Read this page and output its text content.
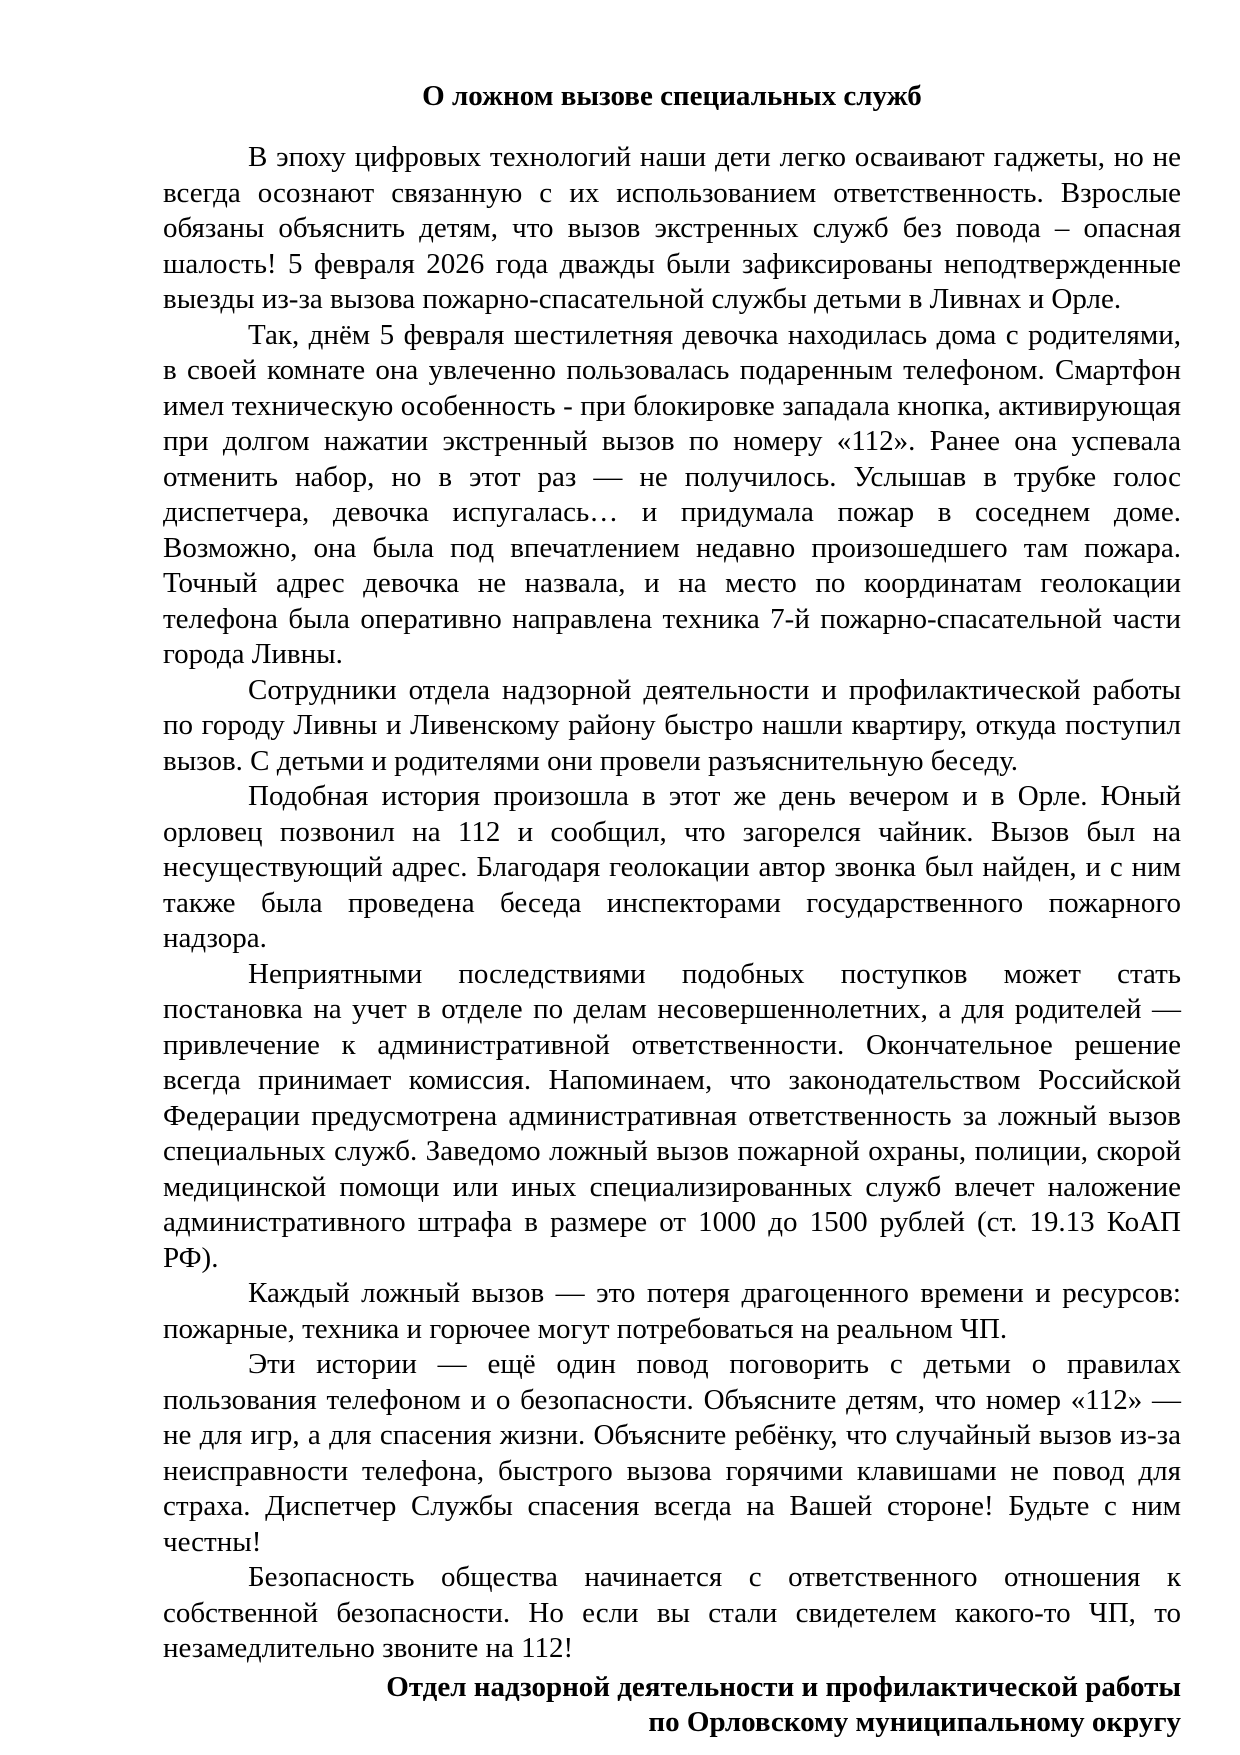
О ложном вызове специальных служб

В эпоху цифровых технологий наши дети легко осваивают гаджеты, но не всегда осознают связанную с их использованием ответственность. Взрослые обязаны объяснить детям, что вызов экстренных служб без повода – опасная шалость! 5 февраля 2026 года дважды были зафиксированы неподтвержденные выезды из-за вызова пожарно-спасательной службы детьми в Ливнах и Орле.

Так, днём 5 февраля шестилетняя девочка находилась дома с родителями, в своей комнате она увлеченно пользовалась подаренным телефоном. Смартфон имел техническую особенность - при блокировке западала кнопка, активирующая при долгом нажатии экстренный вызов по номеру «112». Ранее она успевала отменить набор, но в этот раз — не получилось. Услышав в трубке голос диспетчера, девочка испугалась… и придумала пожар в соседнем доме. Возможно, она была под впечатлением недавно произошедшего там пожара. Точный адрес девочка не назвала, и на место по координатам геолокации телефона была оперативно направлена техника 7-й пожарно-спасательной части города Ливны.

Сотрудники отдела надзорной деятельности и профилактической работы по городу Ливны и Ливенскому району быстро нашли квартиру, откуда поступил вызов. С детьми и родителями они провели разъяснительную беседу.

Подобная история произошла в этот же день вечером и в Орле. Юный орловец позвонил на 112 и сообщил, что загорелся чайник. Вызов был на несуществующий адрес. Благодаря геолокации автор звонка был найден, и с ним также была проведена беседа инспекторами государственного пожарного надзора.

Неприятными последствиями подобных поступков может стать постановка на учет в отделе по делам несовершеннолетних, а для родителей — привлечение к административной ответственности. Окончательное решение всегда принимает комиссия. Напоминаем, что законодательством Российской Федерации предусмотрена административная ответственность за ложный вызов специальных служб. Заведомо ложный вызов пожарной охраны, полиции, скорой медицинской помощи или иных специализированных служб влечет наложение административного штрафа в размере от 1000 до 1500 рублей (ст. 19.13 КоАП РФ).

Каждый ложный вызов — это потеря драгоценного времени и ресурсов: пожарные, техника и горючее могут потребоваться на реальном ЧП.

Эти истории — ещё один повод поговорить с детьми о правилах пользования телефоном и о безопасности. Объясните детям, что номер «112» — не для игр, а для спасения жизни. Объясните ребёнку, что случайный вызов из-за неисправности телефона, быстрого вызова горячими клавишами не повод для страха. Диспетчер Службы спасения всегда на Вашей стороне! Будьте с ним честны!

Безопасность общества начинается с ответственного отношения к собственной безопасности. Но если вы стали свидетелем какого-то ЧП, то незамедлительно звоните на 112!

Отдел надзорной деятельности и профилактической работы
по Орловскому муниципальному округу
